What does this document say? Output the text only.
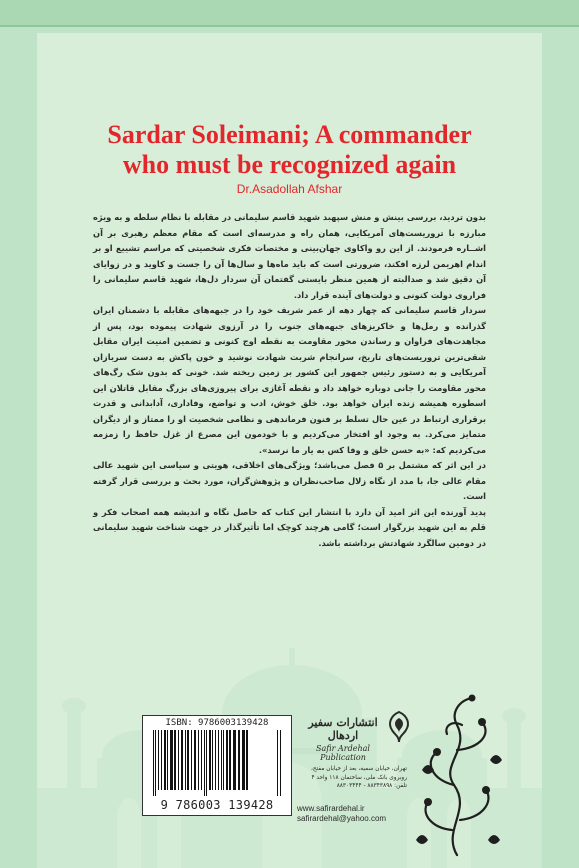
Sardar Soleimani; A commander
who must be recognized again
Dr.Asadollah Afshar

بدون تردید، بررسی بینش و منش سپهبد شهید قاسم سلیمانی در مقابله با نظام سلطه و به ویژه مبارزه با تروریست‌های آمریکایی، همان راه و مدرسه‌ای است که مقام معظم رهبری بر آن اشــاره فرمودند. از این رو واکاوی جهان‌بینی و مختصات فکری شخصیتی که مراسم تشییع او بر اندام اهریمن لرزه افکند، ضرورتی است که باید ماه‌ها و سال‌ها آن را جست و کاوید و در زوایای آن دقیق شد و صدالبته از همین منظر بایستی گفتمان آن سردار دل‌ها، شهید قاسم سلیمانی را فراروی دولت کنونی و دولت‌های آینده قرار داد.

سردار قاسم سلیمانی که چهار دهه از عمر شریف خود را در جبهه‌های مقابله با دشمنان ایران گذرانده و رمل‌ها و خاکریزهای جبهه‌های جنوب را در آرزوی شهادت پیموده بود، پس از مجاهدت‌های فراوان و رساندن محور مقاومت به نقطه اوج کنونی و تضمین امنیت ایران مقابل شقی‌ترین تروریست‌های تاریخ، سرانجام شربت شهادت نوشید و خون پاکش به دست سربازان آمریکایی و به دستور رئیس جمهور این کشور بر زمین ریخته شد. خونی که بدون شک رگ‌های محور مقاومت را جانی دوباره خواهد داد و نقطه آغازی برای پیروزی‌های بزرگ مقابل قاتلان این اسطوره همیشه زنده ایران خواهد بود. خلق خوش، ادب و تواضع، وفاداری، آدابدانی و قدرت برقراری ارتباط در عین حال تسلط بر فنون فرماندهی و نظامی شخصیت او را ممتاز و از دیگران متمایز می‌کرد. به وجود او افتخار می‌کردیم و با خودمون این مصرع از غزل حافظ را زمزمه می‌کردیم که: «به حسن خلق و وفا کس به یار ما نرسد».

در این اثر که مشتمل بر ۵ فصل می‌باشد؛ ویژگی‌های اخلاقی، هویتی و سیاسی این شهید عالی مقام عالی جا، با مدد از نگاه زلال صاحب‌نظران و پژوهش‌گران، مورد بحث و بررسی قرار گرفته است.

پدید آورنده این اثر امید آن دارد با انتشار این کتاب که حاصل نگاه و اندیشه همه اصحاب فکر و قلم به این شهید بزرگوار است؛ گامی هرچند کوچک اما تأثیرگذار در جهت شناخت شهید سلیمانی در دومین سالگرد شهادتش برداشته باشد.

ISBN: 9786003139428
9 786003 139428
انتشارات سفیر اردهال
Safir Ardehal Publication
تهران، خیابان سمیه، بعد از خیابان مفتح، روبروی بانک ملی، ساختمان ۱۱۸ واحد ۴
تلفن: ۸۸۳۴۳۸۹۸ - ۸۸۳۰۳۴۴۴
www.safirardehal.ir
safirardehal@yahoo.com
